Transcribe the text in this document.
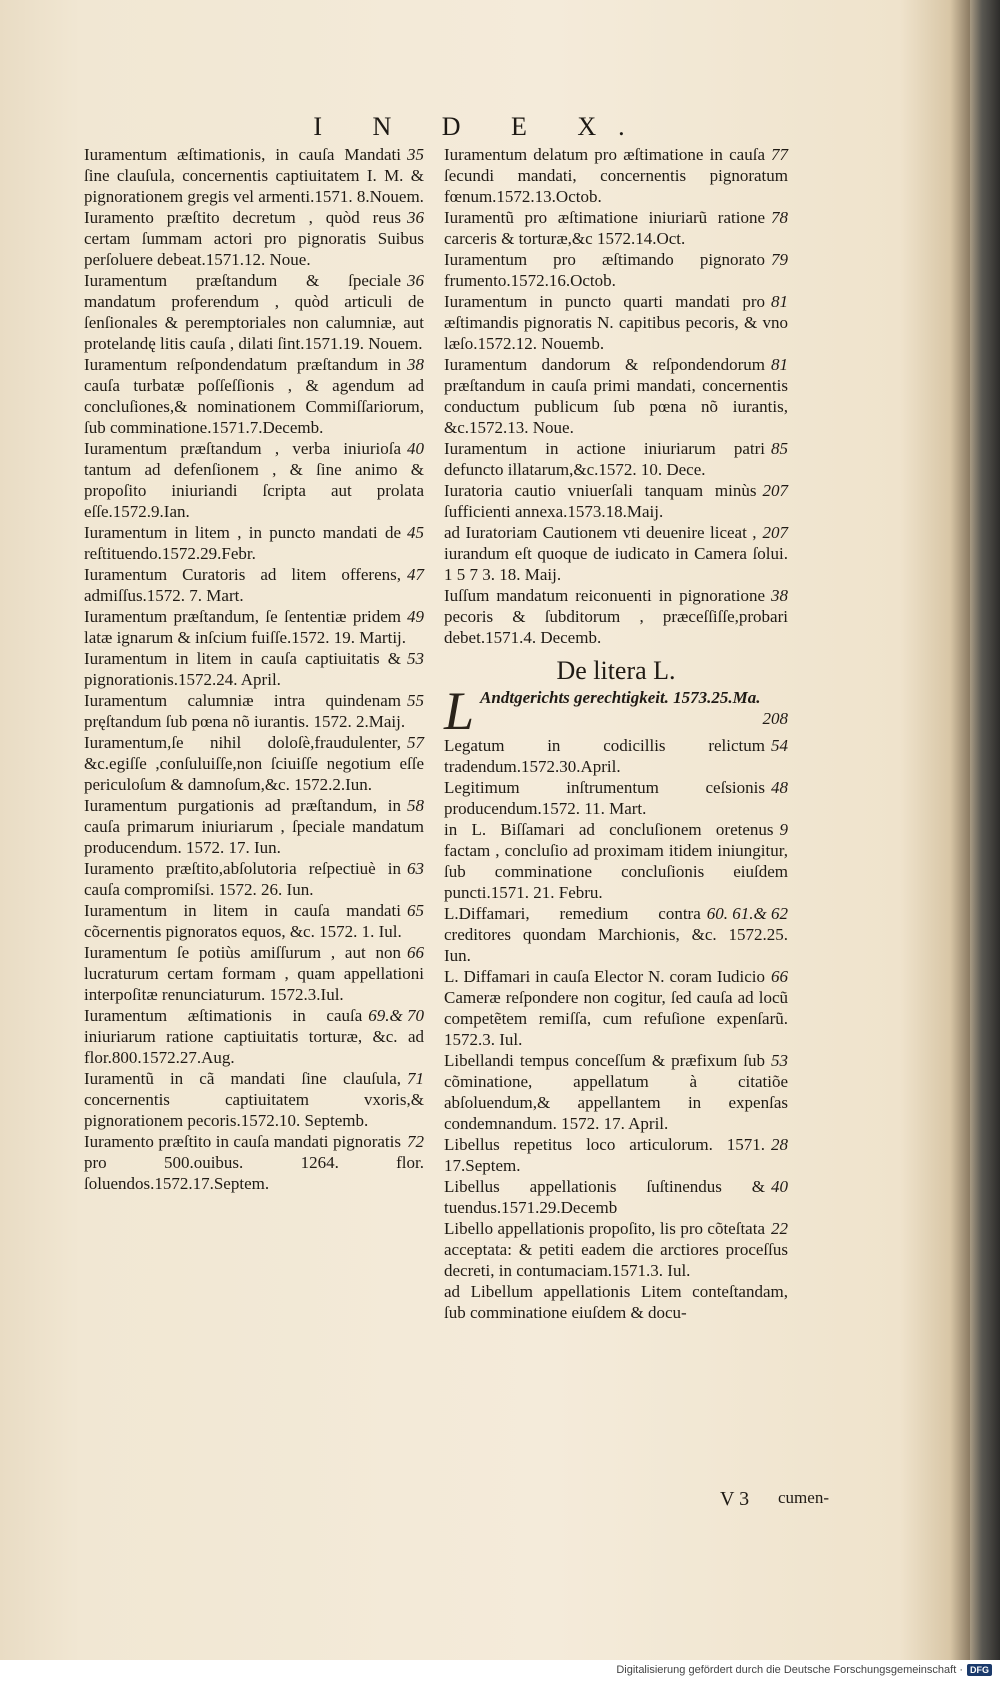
I N D E X.
35
Iuramentum æſtimationis, in cauſa Mandati ſine clauſula, concernentis captiuitatem I. M. & pignorationem gregis vel armenti.1571. 8.Nouem.
36
Iuramento præſtito decretum , quòd reus certam ſummam actori pro pignoratis Suibus perſoluere debeat.1571.12. Noue.
36
Iuramentum præſtandum & ſpeciale mandatum proferendum , quòd articuli de ſenſionales & peremptoriales non calumniæ, aut protelandę litis cauſa , dilati ſint.1571.19. Nouem.
38
Iuramentum reſpondendatum præſtandum in cauſa turbatæ poſſeſſionis , & agendum ad concluſiones,& nominationem Commiſſariorum, ſub comminatione.1571.7.Decemb.
40
Iuramentum præſtandum , verba iniurioſa tantum ad defenſionem , & ſine animo & propoſito iniuriandi ſcripta aut prolata eſſe.1572.9.Ian.
45
Iuramentum in litem , in puncto mandati de reſtituendo.1572.29.Febr.
47
Iuramentum Curatoris ad litem offerens, admiſſus.1572. 7. Mart.
49
Iuramentum præſtandum, ſe ſententiæ pridem latæ ignarum & inſcium fuiſſe.1572. 19. Martij.
53
Iuramentum in litem in cauſa captiuitatis & pignorationis.1572.24. April.
55
Iuramentum calumniæ intra quindenam pręſtandum ſub pœna nõ iurantis. 1572. 2.Maij.
57
Iuramentum,ſe nihil doloſè,fraudulenter, &c.egiſſe ,conſuluiſſe,non ſciuiſſe negotium eſſe periculoſum & damnoſum,&c. 1572.2.Iun.
58
Iuramentum purgationis ad præſtandum, in cauſa primarum iniuriarum , ſpeciale mandatum producendum. 1572. 17. Iun.
63
Iuramento præſtito,abſolutoria reſpectiuè in cauſa compromiſsi. 1572. 26. Iun.
65
Iuramentum in litem in cauſa mandati cõcernentis pignoratos equos, &c. 1572. 1. Iul.
66
Iuramentum ſe potiùs amiſſurum , aut non lucraturum certam formam , quam appellationi interpoſitæ renunciaturum. 1572.3.Iul.
69.& 70
Iuramentum æſtimationis in cauſa iniuriarum ratione captiuitatis torturæ, &c. ad flor.800.1572.27.Aug.
71
Iuramentũ in cã mandati ſine clauſula, concernentis captiuitatem vxoris,& pignorationem pecoris.1572.10. Septemb.
72
Iuramento præſtito in cauſa mandati pignoratis pro 500.ouibus. 1264. flor. ſoluendos.1572.17.Septem.
77
Iuramentum delatum pro æſtimatione in cauſa ſecundi mandati, concernentis pignoratum fœnum.1572.13.Octob.
78
Iuramentũ pro æſtimatione iniuriarũ ratione carceris & torturæ,&c 1572.14.Oct.
79
Iuramentum pro æſtimando pignorato frumento.1572.16.Octob.
81
Iuramentum in puncto quarti mandati pro æſtimandis pignoratis N. capitibus pecoris, & vno læſo.1572.12. Nouemb.
81
Iuramentum dandorum & reſpondendorum præſtandum in cauſa primi mandati, concernentis conductum publicum ſub pœna nõ iurantis, &c.1572.13. Noue.
85
Iuramentum in actione iniuriarum patri defuncto illatarum,&c.1572. 10. Dece.
207
Iuratoria cautio vniuerſali tanquam minùs ſufficienti annexa.1573.18.Maij.
207
ad Iuratoriam Cautionem vti deuenire liceat , iurandum eſt quoque de iudicato in Camera ſolui. 1 5 7 3. 18. Maij.
38
Iuſſum mandatum reiconuenti in pignoratione pecoris & ſubditorum , præceſſiſſe,probari debet.1571.4. Decemb.
De litera L.
L Andtgerichts gerechtigkeit. 1573.25.Ma.
208
54
Legatum in codicillis relictum tradendum.1572.30.April.
48
Legitimum inſtrumentum ceſsionis producendum.1572. 11. Mart.
9
in L. Biſſamari ad concluſionem oretenus factam , concluſio ad proximam itidem iniungitur, ſub comminatione concluſionis eiuſdem puncti.1571. 21. Febru.
60. 61.& 62
L.Diffamari, remedium contra creditores quondam Marchionis, &c. 1572.25. Iun.
66
L. Diffamari in cauſa Elector N. coram Iudicio Cameræ reſpondere non cogitur, ſed cauſa ad locũ competẽtem remiſſa, cum refuſione expenſarũ. 1572.3. Iul.
53
Libellandi tempus conceſſum & præfixum ſub cõminatione, appellatum à citatiõe abſoluendum,& appellantem in expenſas condemnandum. 1572. 17. April.
28
Libellus repetitus loco articulorum. 1571. 17.Septem.
40
Libellus appellationis ſuſtinendus & tuendus.1571.29.Decemb
22
Libello appellationis propoſito, lis pro cõteſtata acceptata: & petiti eadem die arctiores proceſſus decreti, in contumaciam.1571.3. Iul.
ad Libellum appellationis Litem conteſtandam, ſub comminatione eiuſdem & docu-
V 3 cumen-
Digitalisierung gefördert durch die Deutsche Forschungsgemeinschaft · DFG
